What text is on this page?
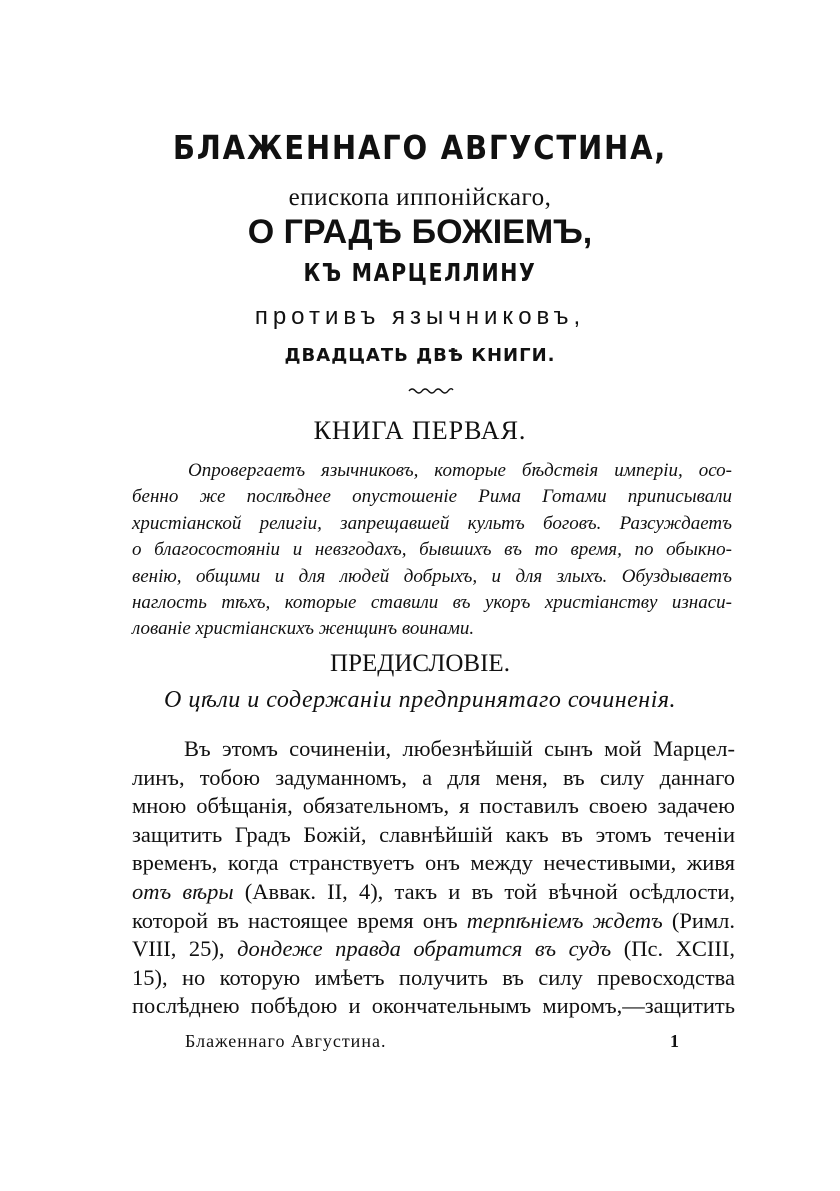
БЛАЖЕННАГО АВГУСТИНА,
епископа иппонійскаго,
О ГРАДѢ БОЖІЕМЪ,
КЪ МАРЦЕЛЛИНУ
противъ язычниковъ,
ДВАДЦАТЬ ДВѢ КНИГИ.
КНИГА ПЕРВАЯ.
Опровергаетъ язычниковъ, которые бѣдствія имперіи, осо-
бенно же послѣднее опустошеніе Рима Готами приписывали
христіанской религіи, запрещавшей культъ боговъ. Разсуждаетъ
о благосостояніи и невзгодахъ, бывшихъ въ то время, по обыкно-
венію, общими и для людей добрыхъ, и для злыхъ. Обуздываетъ
наглость тѣхъ, которые ставили въ укоръ христіанству изнаси-
лованіе христіанскихъ женщинъ воинами.
ПРЕДИСЛОВІЕ.
О цѣли и содержаніи предпринятаго сочиненія.
Въ этомъ сочиненіи, любезнѣйшій сынъ мой Марцел-
линъ, тобою задуманномъ, а для меня, въ силу даннаго
мною обѣщанія, обязательномъ, я поставилъ своею задачею
защитить Градъ Божій, славнѣйшій какъ въ этомъ теченіи
временъ, когда странствуетъ онъ между нечестивыми, живя
отъ вѣры (Аввак. II, 4), такъ и въ той вѣчной осѣдлости,
которой въ настоящее время онъ терпѣніемъ ждетъ (Римл.
VIII, 25), дондеже правда обратится въ судъ (Пс. XCIII,
15), но которую имѣетъ получить въ силу превосходства
послѣднею побѣдою и окончательнымъ миромъ,—защитить
Блаженнаго Августина.	1
